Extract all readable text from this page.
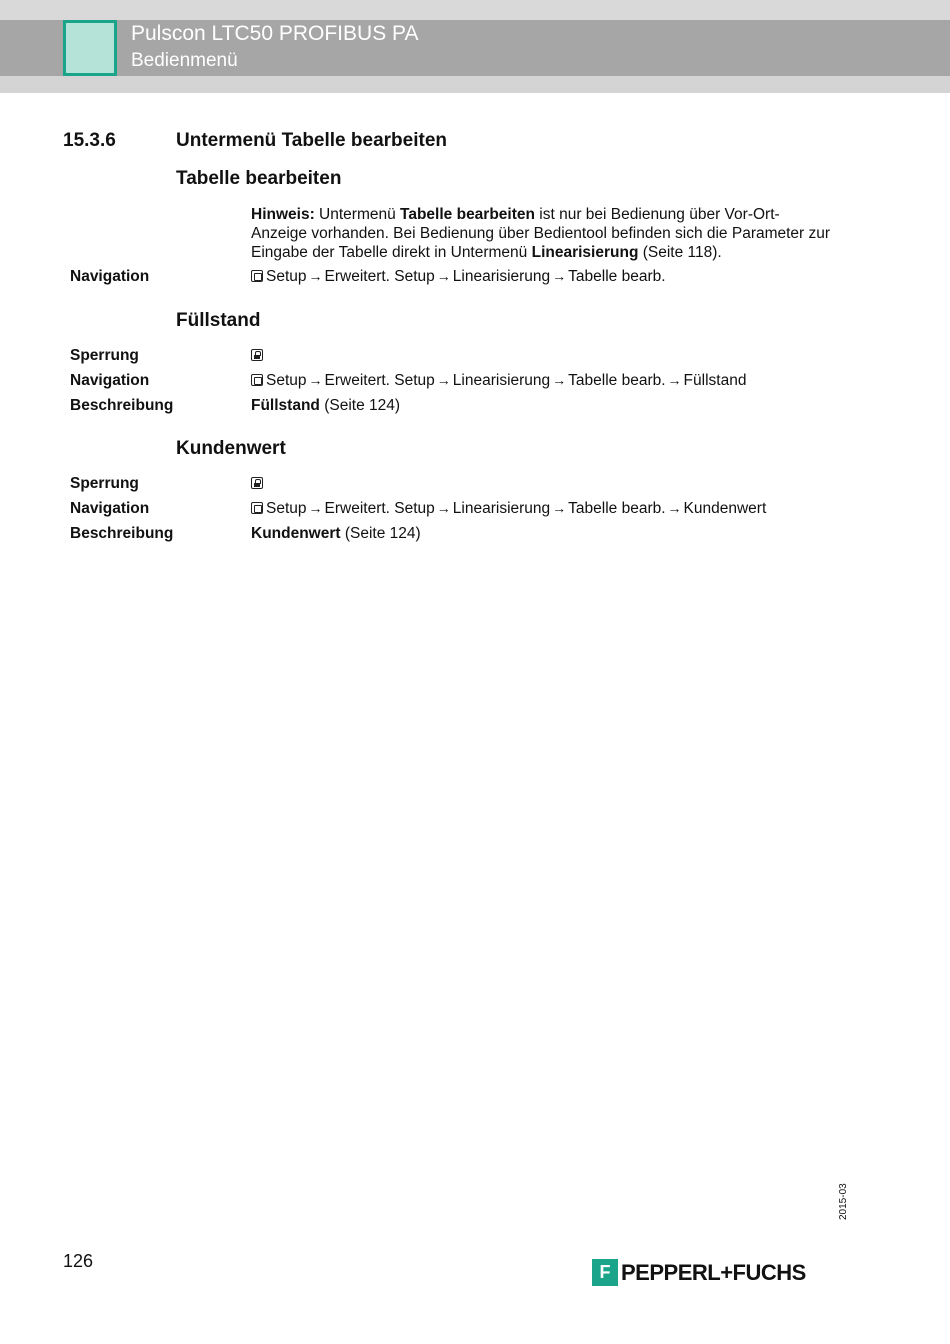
Pulscon LTC50 PROFIBUS PA
Bedienmenü
15.3.6	Untermenü Tabelle bearbeiten
Tabelle bearbeiten
Hinweis: Untermenü Tabelle bearbeiten ist nur bei Bedienung über Vor-Ort-Anzeige vorhanden. Bei Bedienung über Bedientool befinden sich die Parameter zur Eingabe der Tabelle direkt in Untermenü Linearisierung (Seite 118).
Navigation	Setup → Erweitert. Setup → Linearisierung → Tabelle bearb.
Füllstand
Sperrung
Navigation	Setup → Erweitert. Setup → Linearisierung → Tabelle bearb. → Füllstand
Beschreibung	Füllstand (Seite 124)
Kundenwert
Sperrung
Navigation	Setup → Erweitert. Setup → Linearisierung → Tabelle bearb. → Kundenwert
Beschreibung	Kundenwert (Seite 124)
2015-03
126
F PEPPERL+FUCHS
